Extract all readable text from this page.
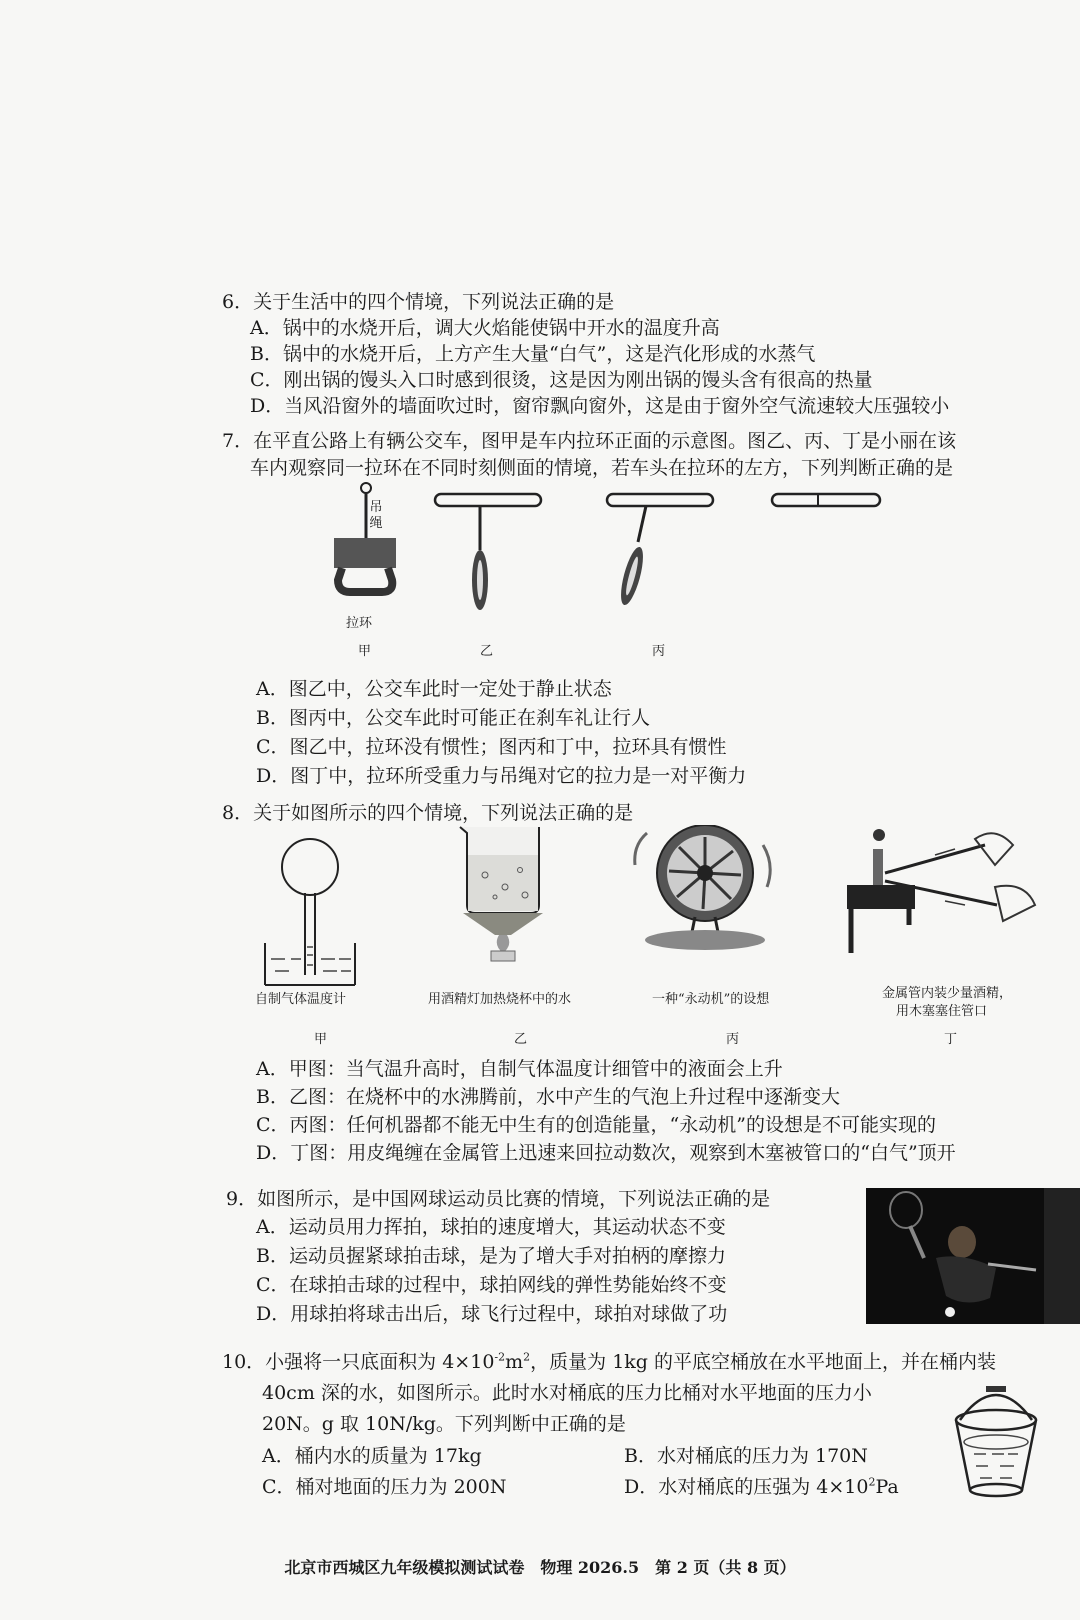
6．关于生活中的四个情境，下列说法正确的是
A．锅中的水烧开后，调大火焰能使锅中开水的温度升高
B．锅中的水烧开后，上方产生大量“白气”，这是汽化形成的水蒸气
C．刚出锅的馒头入口时感到很烫，这是因为刚出锅的馒头含有很高的热量
D．当风沿窗外的墙面吹过时，窗帘飘向窗外，这是由于窗外空气流速较大压强较小
7．在平直公路上有辆公交车，图甲是车内拉环正面的示意图。图乙、丙、丁是小丽在该
车内观察同一拉环在不同时刻侧面的情境，若车头在拉环的左方，下列判断正确的是
吊绳
拉环
甲	乙	丙
A．图乙中，公交车此时一定处于静止状态
B．图丙中，公交车此时可能正在刹车礼让行人
C．图乙中，拉环没有惯性；图丙和丁中，拉环具有惯性
D．图丁中，拉环所受重力与吊绳对它的拉力是一对平衡力
8．关于如图所示的四个情境，下列说法正确的是
自制气体温度计	用酒精灯加热烧杯中的水	一种“永动机”的设想	金属管内装少量酒精，
用木塞塞住管口
甲	乙	丙	丁
A．甲图：当气温升高时，自制气体温度计细管中的液面会上升
B．乙图：在烧杯中的水沸腾前，水中产生的气泡上升过程中逐渐变大
C．丙图：任何机器都不能无中生有的创造能量，“永动机”的设想是不可能实现的
D．丁图：用皮绳缠在金属管上迅速来回拉动数次，观察到木塞被管口的“白气”顶开
9．如图所示，是中国网球运动员比赛的情境，下列说法正确的是
A．运动员用力挥拍，球拍的速度增大，其运动状态不变
B．运动员握紧球拍击球，是为了增大手对拍柄的摩擦力
C．在球拍击球的过程中，球拍网线的弹性势能始终不变
D．用球拍将球击出后，球飞行过程中，球拍对球做了功
10．小强将一只底面积为 $4\times 10^{-2}m^2$，质量为 1kg 的平底空桶放在水平地面上，并在桶内装
40cm 深的水，如图所示。此时水对桶底的压力比桶对水平地面的压力小
20N。g 取 10N/kg。下列判断中正确的是
A．桶内水的质量为 17kg	B．水对桶底的压力为 170N
C．桶对地面的压力为 200N	D．水对桶底的压强为 $4\times 10^2Pa$
北京市西城区九年级模拟测试试卷　物理 2026.5　第 2 页（共 8 页）
